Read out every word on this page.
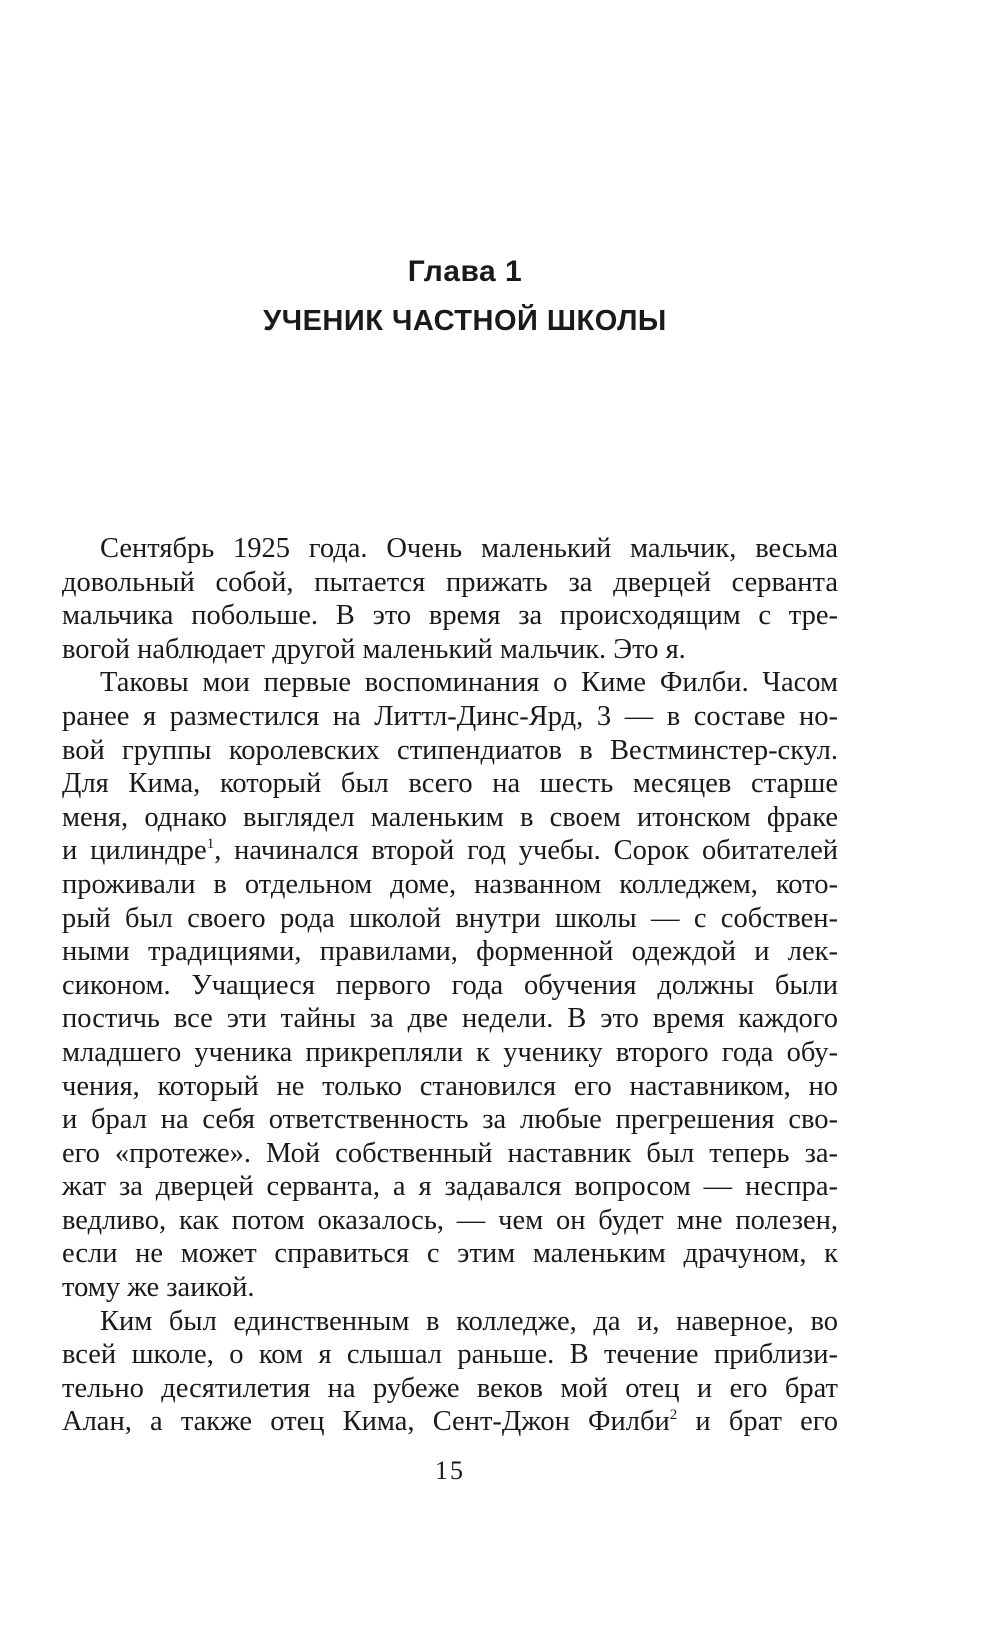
Глава 1
УЧЕНИК ЧАСТНОЙ ШКОЛЫ
Сентябрь 1925 года. Очень маленький мальчик, весьма
довольный собой, пытается прижать за дверцей серванта
мальчика побольше. В это время за происходящим с тре-
вогой наблюдает другой маленький мальчик. Это я.
Таковы мои первые воспоминания о Киме Филби. Часом
ранее я разместился на Литтл-Динс-Ярд, 3 — в составе но-
вой группы королевских стипендиатов в Вестминстер-скул.
Для Кима, который был всего на шесть месяцев старше
меня, однако выглядел маленьким в своем итонском фраке
и цилиндре$^1$, начинался второй год учебы. Сорок обитателей
проживали в отдельном доме, названном колледжем, кото-
рый был своего рода школой внутри школы — с собствен-
ными традициями, правилами, форменной одеждой и лек-
сиконом. Учащиеся первого года обучения должны были
постичь все эти тайны за две недели. В это время каждого
младшего ученика прикрепляли к ученику второго года обу-
чения, который не только становился его наставником, но
и брал на себя ответственность за любые прегрешения сво-
его «протеже». Мой собственный наставник был теперь за-
жат за дверцей серванта, а я задавался вопросом — неспра-
ведливо, как потом оказалось, — чем он будет мне полезен,
если не может справиться с этим маленьким драчуном, к
тому же заикой.
Ким был единственным в колледже, да и, наверное, во
всей школе, о ком я слышал раньше. В течение приблизи-
тельно десятилетия на рубеже веков мой отец и его брат
Алан, а также отец Кима, Сент-Джон Филби$^2$ и брат его
15
